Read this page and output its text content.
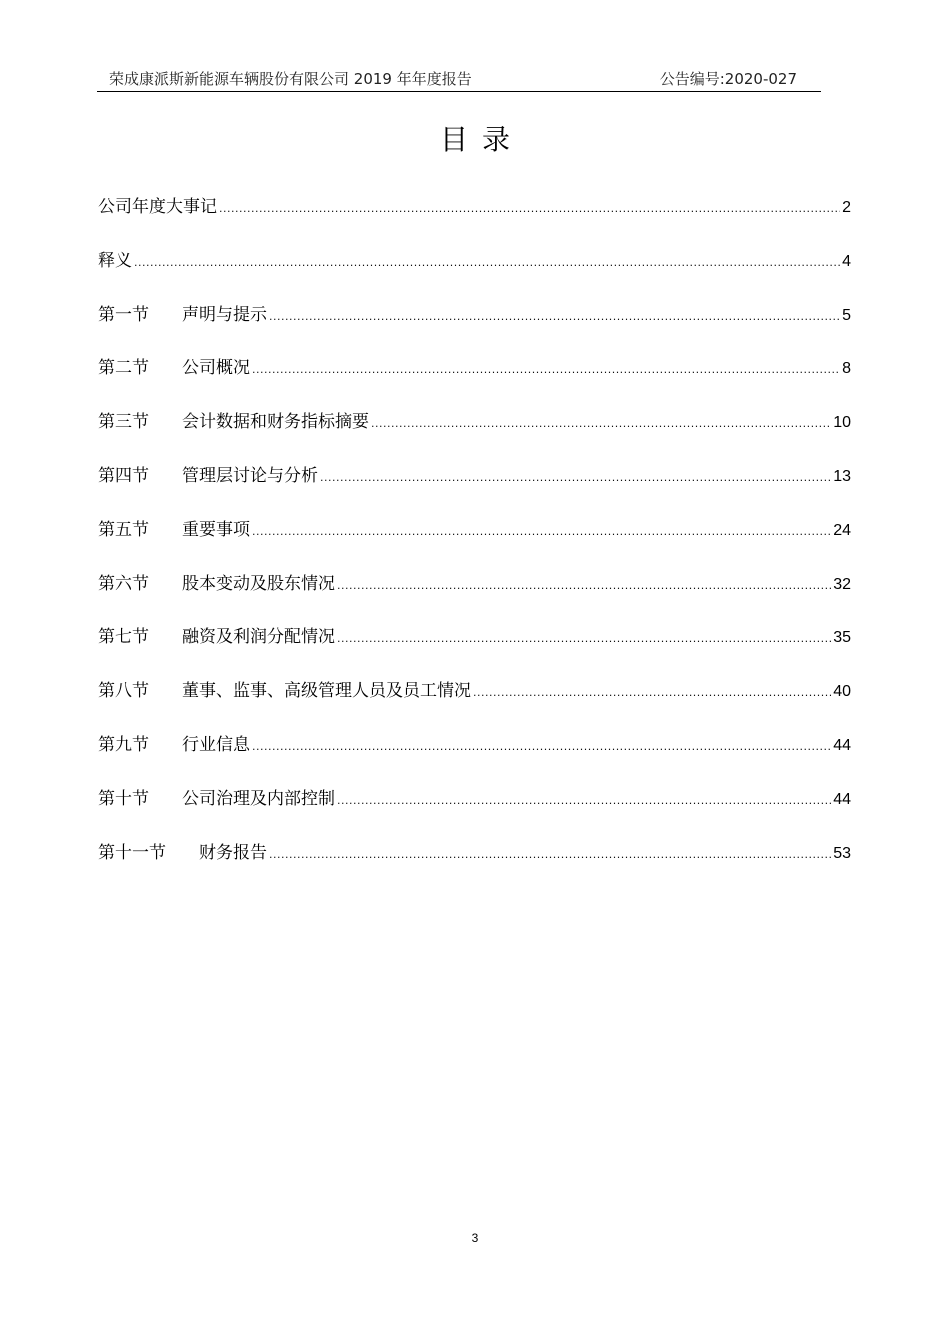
荣成康派斯新能源车辆股份有限公司 2019 年年度报告	公告编号:2020-027
目录
公司年度大事记 .....	2
释义 .....	4
第一节	声明与提示 .....	5
第二节	公司概况 .....	8
第三节	会计数据和财务指标摘要 .....	10
第四节	管理层讨论与分析 .....	13
第五节	重要事项 .....	24
第六节	股本变动及股东情况 .....	32
第七节	融资及利润分配情况 .....	35
第八节	董事、监事、高级管理人员及员工情况 .....	40
第九节	行业信息 .....	44
第十节	公司治理及内部控制 .....	44
第十一节	财务报告 .....	53
3
